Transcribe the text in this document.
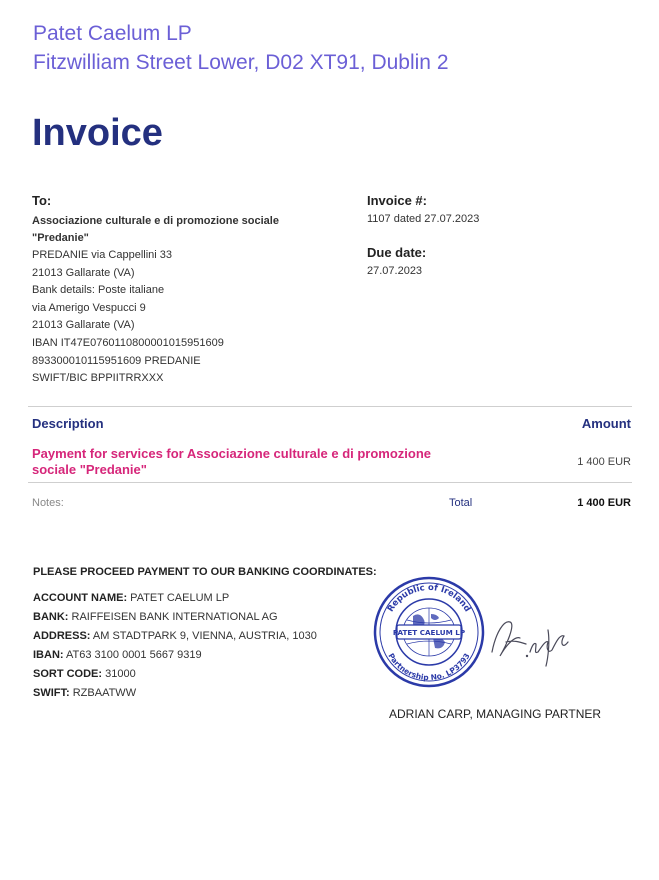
Patet Caelum LP
Fitzwilliam Street Lower, D02 XT91, Dublin 2
Invoice
To:
Associazione culturale e di promozione sociale "Predanie"
PREDANIE via Cappellini 33
21013 Gallarate (VA)
Bank details: Poste italiane
via Amerigo Vespucci 9
21013 Gallarate (VA)
IBAN IT47E0760110800001015951609
893300010115951609 PREDANIE
SWIFT/BIC BPPIITRRXXX
Invoice #:
1107 dated 27.07.2023
Due date:
27.07.2023
Description	Amount
Payment for services for Associazione culturale e di promozione sociale "Predanie"	1 400 EUR
Notes:	Total	1 400 EUR
PLEASE PROCEED PAYMENT TO OUR BANKING COORDINATES:
ACCOUNT NAME: PATET CAELUM LP
BANK: RAIFFEISEN BANK INTERNATIONAL AG
ADDRESS: AM STADTPARK 9, VIENNA, AUSTRIA, 1030
IBAN: AT63 3100 0001 5667 9319
SORT CODE: 31000
SWIFT: RZBAATWW
Republic of Ireland
Partnership No. LP3793
PATET CAELUM LP
ADRIAN CARP, MANAGING PARTNER
